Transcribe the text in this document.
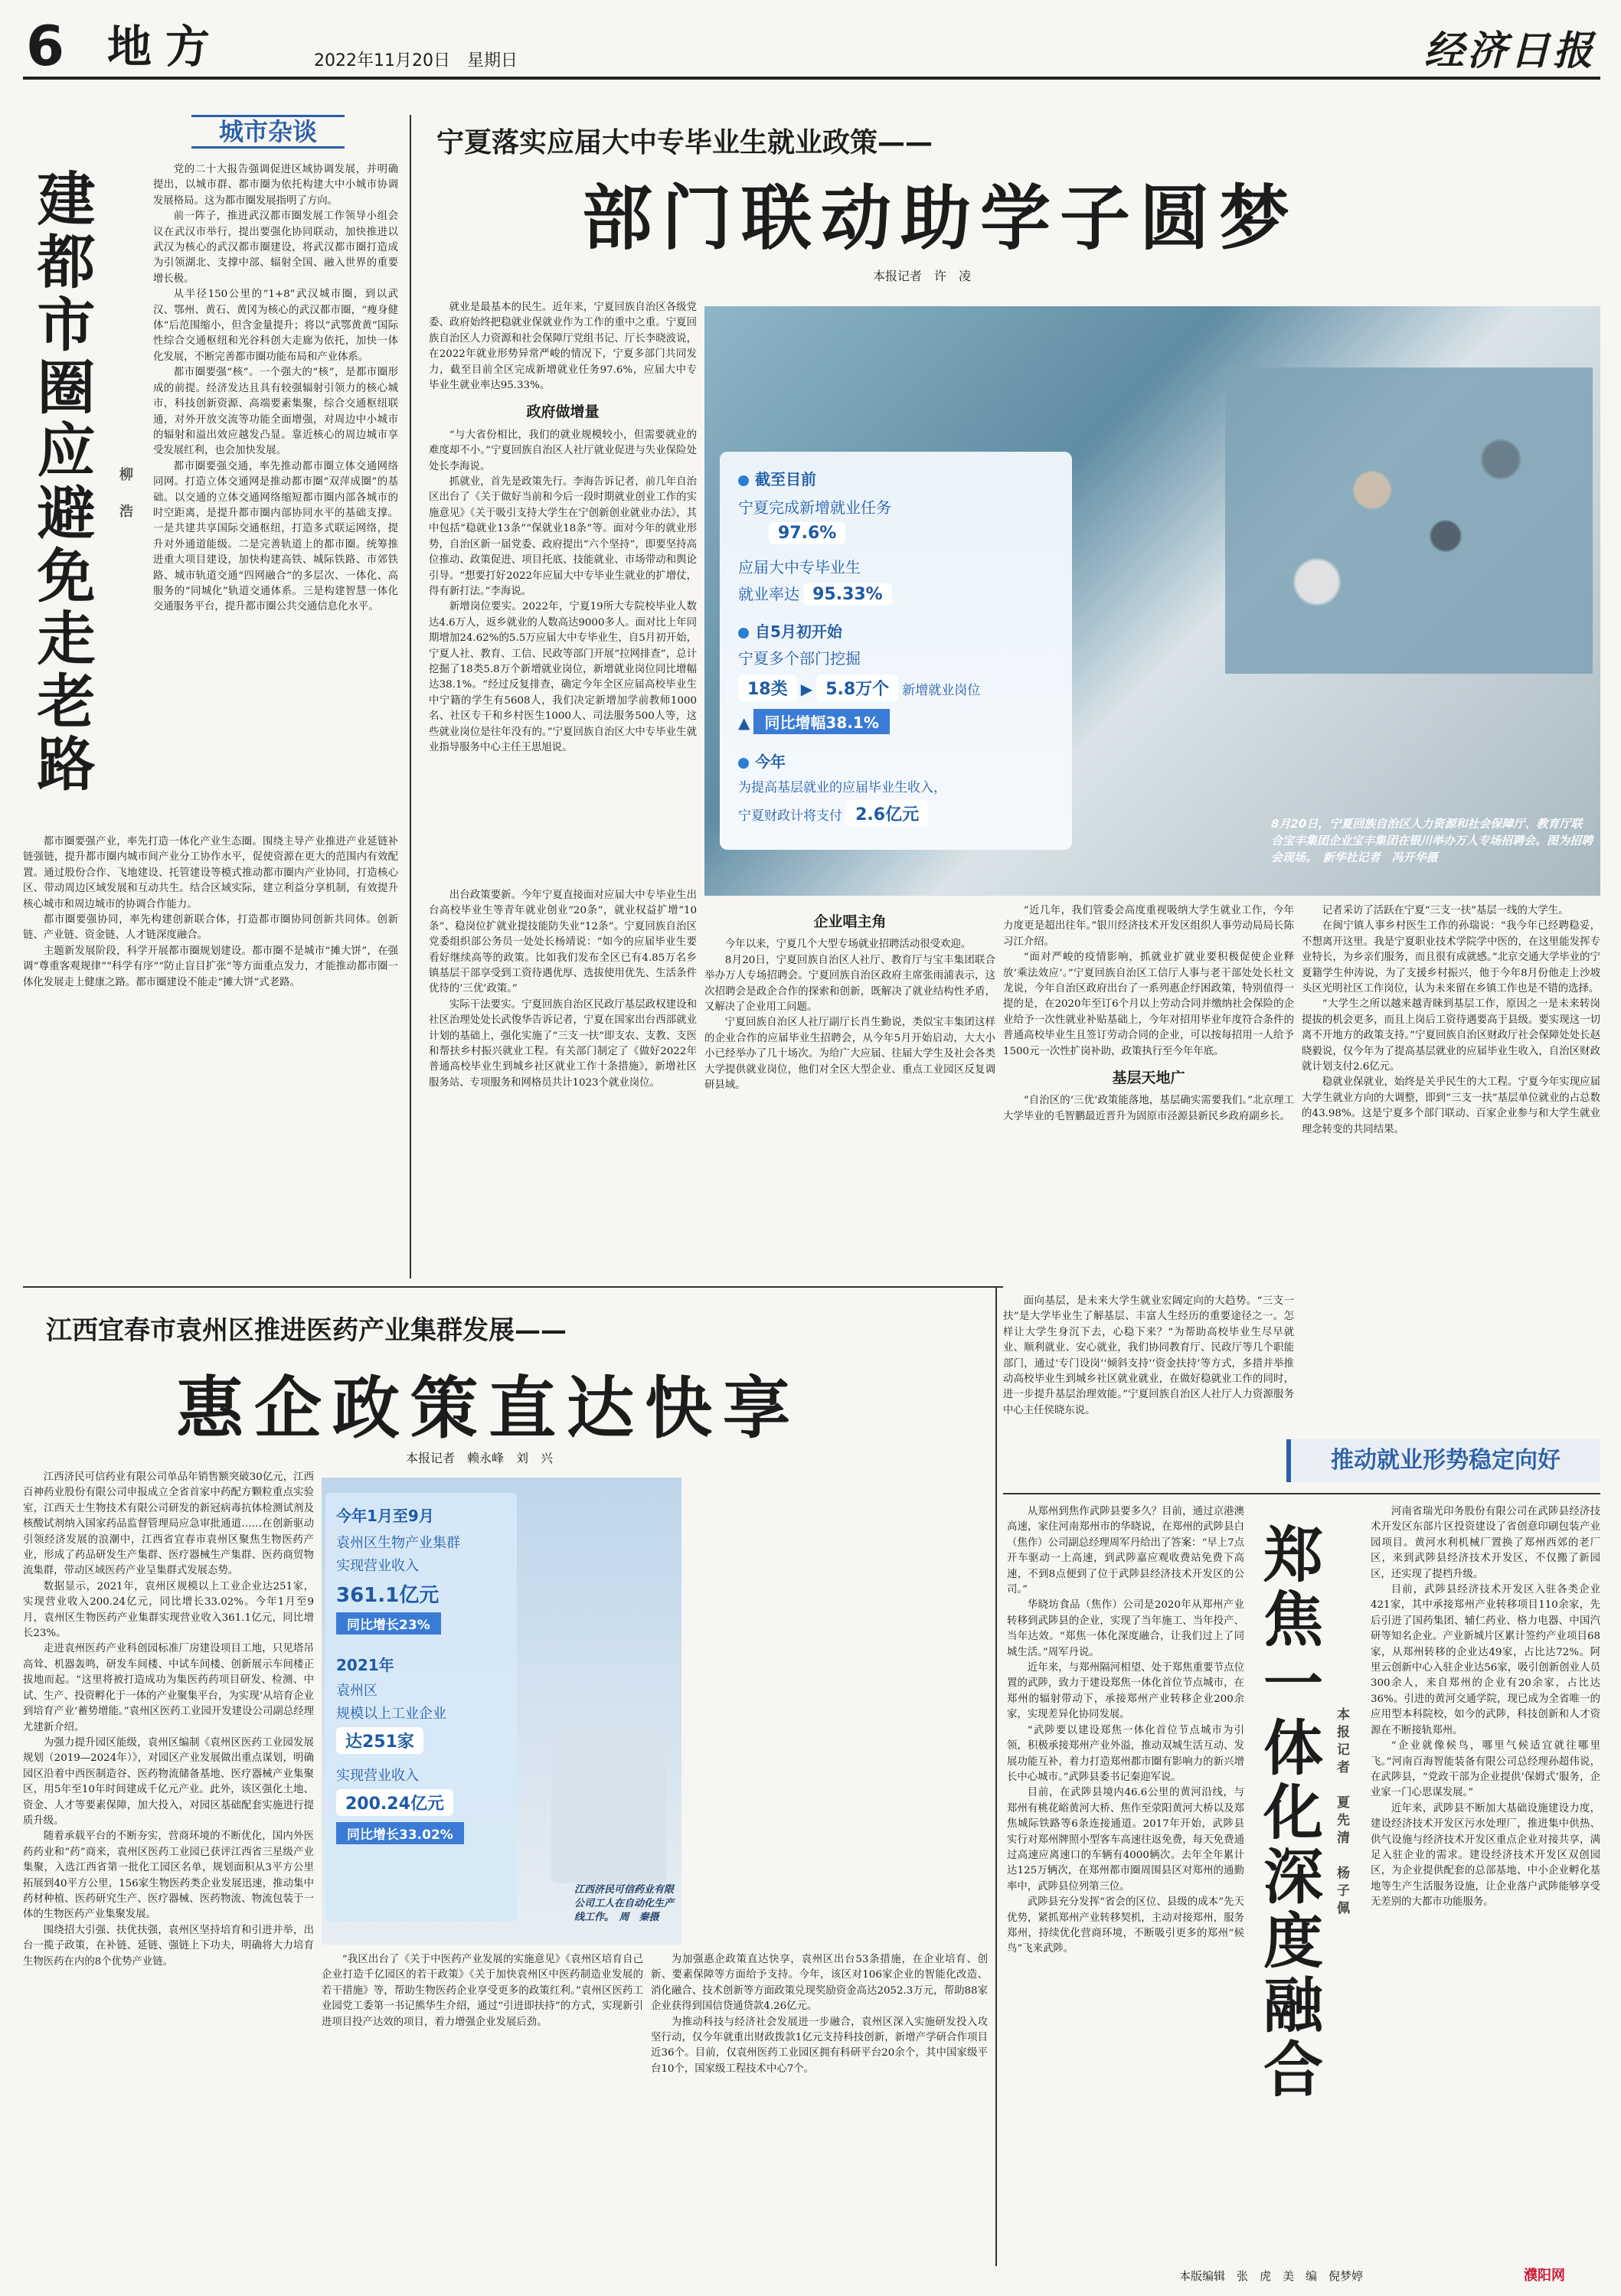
6 地方	2022年11月20日　星期日	经济日报
城市杂谈
建都市圈应避免走老路 柳　浩

党的二十大报告强调促进区域协调发展，并明确提出，以城市群、都市圈为依托构建大中小城市协调发展格局。这为都市圈发展指明了方向。

前一阵子，推进武汉都市圈发展工作领导小组会议在武汉市举行，提出要强化协同联动，加快推进以武汉为核心的武汉都市圈建设，将武汉都市圈打造成为引领湖北、支撑中部、辐射全国、融入世界的重要增长极。

从半径150公里的“1+8”武汉城市圈，到以武汉、鄂州、黄石、黄冈为核心的武汉都市圈，“瘦身健体”后范围缩小，但含金量提升；将以“武鄂黄黄”国际性综合交通枢纽和光谷科创大走廊为依托，加快一体化发展，不断完善都市圈功能布局和产业体系。

都市圈要强“核”。一个强大的“核”，是都市圈形成的前提。经济发达且具有较强辐射引领力的核心城市，科技创新资源、高端要素集聚，综合交通枢纽联通，对外开放交流等功能全面增强，对周边中小城市的辐射和溢出效应越发凸显。靠近核心的周边城市享受发展红利，也会加快发展。

都市圈要强交通，率先推动都市圈立体交通网络同网。打造立体交通网是推动都市圈“双萍成圈”的基础。以交通的立体交通网络缩短都市圈内部各城市的时空距离，是提升都市圈内部协同水平的基础支撑。一是共建共享国际交通枢纽，打造多式联运网络，提升对外通道能级。二是完善轨道上的都市圈。统筹推进重大项目建设，加快构建高铁、城际铁路、市郊铁路、城市轨道交通“四网融合”的多层次、一体化、高服务的“同城化”轨道交通体系。三是构建智慧一体化交通服务平台，提升都市圈公共交通信息化水平。

都市圈要强产业，率先打造一体化产业生态圈。围绕主导产业推进产业延链补链强链，提升都市圈内城市间产业分工协作水平，促使资源在更大的范围内有效配置。通过股份合作、飞地建设、托管建设等模式推动都市圈内产业协同，打造核心区、带动周边区域发展和互动共生。结合区域实际，建立利益分享机制，有效提升核心城市和周边城市的协调合作能力。

都市圈要强协同，率先构建创新联合体，打造都市圈协同创新共同体。创新链、产业链、资金链、人才链深度融合。

主题新发展阶段，科学开展都市圈规划建设。都市圈不是城市“摊大饼”，在强调“尊重客观规律”“科学有序”“防止盲目扩张”等方面重点发力，才能推动都市圈一体化发展走上健康之路。都市圈建设不能走“摊大饼”式老路。

宁夏落实应届大中专毕业生就业政策——
部门联动助学子圆梦
本报记者　许　凌
8月20日，宁夏回族自治区人力资源和社会保障厅、教育厅联合宝丰集团企业宝丰集团在银川举办万人专场招聘会。图为招聘会现场。　新华社记者　冯开华摄
截至目前
宁夏完成新增就业任务
97.6%
应届大中专毕业生
就业率达 95.33%
自5月初开始
宁夏多个部门挖掘
18类 ▶ 5.8万个 新增就业岗位
▲ 同比增幅38.1%
今年
为提高基层就业的应届毕业生收入，
宁夏财政计将支付 2.6亿元

就业是最基本的民生。近年来，宁夏回族自治区各级党委、政府始终把稳就业保就业作为工作的重中之重。宁夏回族自治区人力资源和社会保障厅党组书记、厅长李晓波说，在2022年就业形势异常严峻的情况下，宁夏多部门共同发力，截至目前全区完成新增就业任务97.6%，应届大中专毕业生就业率达95.33%。

政府做增量

“与大省份相比，我们的就业规模较小，但需要就业的难度却不小。”宁夏回族自治区人社厅就业促进与失业保险处处长李海说。

抓就业，首先是政策先行。李海告诉记者，前几年自治区出台了《关于做好当前和今后一段时期就业创业工作的实施意见》《关于吸引支持大学生在宁创新创业就业办法》，其中包括“稳就业13条”“保就业18条”等。面对今年的就业形势，自治区新一届党委、政府提出“六个坚持”，即要坚持高位推动、政策促进、项目托底、技能就业、市场带动和舆论引导。“想要打好2022年应届大中专毕业生就业的扩增仗，得有新打法。”李海说。

新增岗位要实。2022年，宁夏19所大专院校毕业人数达4.6万人，返乡就业的人数高达9000多人。面对比上年同期增加24.62%的5.5万应届大中专毕业生，自5月初开始，宁夏人社、教育、工信、民政等部门开展“拉网排查”，总计挖掘了18类5.8万个新增就业岗位，新增就业岗位同比增幅达38.1%。“经过反复排查，确定今年全区应届高校毕业生中宁籍的学生有5608人，我们决定新增加学前教师1000名、社区专干和乡村医生1000人、司法服务500人等，这些就业岗位是往年没有的。”宁夏回族自治区大中专毕业生就业指导服务中心主任王思旭说。

出台政策要新。今年宁夏直接面对应届大中专毕业生出台高校毕业生等青年就业创业“20条”，就业权益扩增“10条”、稳岗位扩就业提技能防失业“12条”。宁夏回族自治区党委组织部公务员一处处长杨靖说：“如今的应届毕业生要看好继续高等的政策。比如我们发布全区已有4.85万名乡镇基层干部享受到工资待遇优厚、选拔使用优先、生活条件优待的‘三优’政策。”

实际干法要实。宁夏回族自治区民政厅基层政权建设和社区治理处处长武俊华告诉记者，宁夏在国家出台西部就业计划的基础上，强化实施了“三支一扶”即支农、支教、支医和帮扶乡村振兴就业工程。有关部门制定了《做好2022年普通高校毕业生到城乡社区就业工作十条措施》，新增社区服务站、专项服务和网格员共计1023个就业岗位。

企业唱主角

今年以来，宁夏几个大型专场就业招聘活动很受欢迎。

8月20日，宁夏回族自治区人社厅、教育厅与宝丰集团联合举办万人专场招聘会。宁夏回族自治区政府主席张雨浦表示，这次招聘会是政企合作的探索和创新，既解决了就业结构性矛盾，又解决了企业用工问题。

宁夏回族自治区人社厅副厅长肖生勤说，类似宝丰集团这样的企业合作的应届毕业生招聘会，从今年5月开始启动，大大小小已经举办了几十场次。为给广大应届、往届大学生及社会各类大学提供就业岗位，他们对全区大型企业、重点工业园区反复调研县域。

“近几年，我们管委会高度重视吸纳大学生就业工作，今年力度更是超出往年。”银川经济技术开发区组织人事劳动局局长陈习江介绍。

“面对严峻的疫情影响，抓就业扩就业要积极促使企业释放‘乘法效应’。”宁夏回族自治区工信厅人事与老干部处处长杜文龙说，今年自治区政府出台了一系列惠企纾困政策，特别值得一提的是，在2020年至订6个月以上劳动合同并缴纳社会保险的企业给予一次性就业补贴基础上，今年对招用毕业年度符合条件的普通高校毕业生且签订劳动合同的企业，可以按每招用一人给予1500元一次性扩岗补助，政策执行至今年年底。

基层天地广

“自治区的‘三优’政策能落地，基层确实需要我们。”北京理工大学毕业的毛智鹏最近晋升为固原市泾源县新民乡政府副乡长。

面向基层，是未来大学生就业宏阔定向的大趋势。“三支一扶”是大学毕业生了解基层、丰富人生经历的重要途径之一。怎样让大学生身沉下去，心稳下来？“为帮助高校毕业生尽早就业、顺利就业、安心就业，我们协同教育厅、民政厅等几个职能部门，通过‘专门设岗’‘倾斜支持’‘资金扶持’等方式，多措并举推动高校毕业生到城乡社区就业就业，在做好稳就业工作的同时，进一步提升基层治理效能。”宁夏回族自治区人社厅人力资源服务中心主任侯晓东说。

记者采访了活跃在宁夏“三支一扶”基层一线的大学生。

在闽宁镇人事乡村医生工作的孙瑞说：“我今年已经聘稳妥，不想离开这里。我是宁夏职业技术学院学中医的，在这里能发挥专业特长，为乡亲们服务，而且很有成就感。”北京交通大学毕业的宁夏籍学生仲涛说，为了支援乡村振兴，他于今年8月份他走上沙坡头区光明社区工作岗位，认为未来留在乡镇工作也是不错的选择。

“大学生之所以越来越青睐到基层工作，原因之一是未来转岗提拔的机会更多，而且上岗后工资待遇要高于县级。要实现这一切离不开地方的政策支持。”宁夏回族自治区财政厅社会保障处处长赵晓毅说，仅今年为了提高基层就业的应届毕业生收入，自治区财政就计划支付2.6亿元。

稳就业保就业，始终是关乎民生的大工程。宁夏今年实现应届大学生就业方向的大调整，即到“三支一扶”基层单位就业的占总数的43.98%。这是宁夏多个部门联动、百家企业参与和大学生就业理念转变的共同结果。

推动就业形势稳定向好
江西宜春市袁州区推进医药产业集群发展——
惠企政策直达快享
本报记者　赖永峰　刘　兴
江西济民可信药业有限公司工人在自动化生产线工作。　周　秦摄
今年1月至9月
袁州区生物产业集群
实现营业收入
361.1亿元
同比增长23%
2021年
袁州区
规模以上工业企业
达251家
实现营业收入
200.24亿元 同比增长33.02%

江西济民可信药业有限公司单品年销售额突破30亿元，江西百神药业股份有限公司申报成立全省首家中药配方颗粒重点实验室，江西天士生物技术有限公司研发的新冠病毒抗体检测试剂及核酸试剂纳入国家药品监督管理局应急审批通道……在创新驱动引领经济发展的浪潮中，江西省宜春市袁州区聚焦生物医药产业，形成了药品研发生产集群、医疗器械生产集群、医药商贸物流集群，带动区域医药产业呈集群式发展态势。

数据显示，2021年，袁州区规模以上工业企业达251家，实现营业收入200.24亿元，同比增长33.02%。今年1月至9月，袁州区生物医药产业集群实现营业收入361.1亿元，同比增长23%。

走进袁州医药产业科创园标准厂房建设项目工地，只见塔吊高耸、机器轰鸣，研发车间楼、中试车间楼、创新展示车间楼正拔地而起。“这里将被打造成功为集医药药项目研发、检测、中试、生产、投资孵化于一体的产业聚集平台，为实现‘从培育企业到培育产业’蓄势增能。”袁州区医药工业园开发建设公司副总经理尤建新介绍。

为强力提升园区能级，袁州区编制《袁州区医药工业园发展规划（2019—2024年）》，对园区产业发展做出重点谋划，明确园区沿着中西医制造谷、医药物流储备基地、医疗器械产业集聚区，用5年至10年时间建成千亿元产业。此外，该区强化土地、资金、人才等要素保障，加大投入，对园区基础配套实施进行提质升级。

随着承载平台的不断夯实，营商环境的不断优化，国内外医药药业和“药”商来，袁州区医药工业园已获评江西省三星级产业集聚，入选江西省第一批化工园区名单，规划面积从3平方公里拓展到40平方公里，156家生物医药类企业发展迅速，推动集中药材种植、医药研究生产、医疗器械、医药物流、物流包装于一体的生物医药产业集聚发展。

围绕招大引强、扶优扶强，袁州区坚持培育和引进并举，出台一揽子政策，在补链、延链、强链上下功夫，明确将大力培育生物医药在内的8个优势产业链。	“我区出台了《关于中医药产业发展的实施意见》《袁州区培育自己企业打造千亿园区的若干政策》《关于加快袁州区中医药制造业发展的若干措施》等，帮助生物医药企业享受更多的政策红利。”袁州区医药工业园党工委第一书记熊华生介绍，通过“引进即扶持”的方式，实现新引进项目投产达效的项目，着力增强企业发展后劲。

为加强惠企政策直达快享，袁州区出台53条措施，在企业培育、创新、要素保障等方面给予支持。今年，该区对106家企业的智能化改造、消化融合、技术创新等方面政策兑现奖励资金高达2052.3万元，帮助88家企业获得到国信贷通贷款4.26亿元。

为推动科技与经济社会发展进一步融合，袁州区深入实施研发投入攻坚行动，仅今年就重出财政拨款1亿元支持科技创新，新增产学研合作项目近36个。目前，仅袁州医药工业园区拥有科研平台20余个，其中国家级平台10个，国家级工程技术中心7个。	郑焦一体化深度融合 本报记者　夏先清　杨子佩

从郑州到焦作武陟县要多久？目前，通过京港澳高速，家住河南郑州市的华晓说，在郑州的武陟县白（焦作）公司副总经理周军丹给出了答案：“早上7点开车驱动一上高速，到武陟嘉应观收费站免费下高速，不到8点便到了位于武陟县经济技术开发区的公司。”

华晓坊食品（焦作）公司是2020年从郑州产业转移到武陟县的企业，实现了当年施工、当年投产、当年达效。“郑焦一体化深度融合，让我们过上了同城生活。”周军丹说。

近年来，与郑州隔河相望、处于郑焦重要节点位置的武陟，致力于建设郑焦一体化首位节点城市，在郑州的辐射带动下，承接郑州产业转移企业200余家，实现差异化协同发展。

“武陟要以建设郑焦一体化首位节点城市为引领，积极承接郑州产业外溢，推动双城生活互动、发展功能互补，着力打造郑州都市圈有影响力的新兴增长中心城市。”武陟县委书记秦迎军说。

目前，在武陟县境内46.6公里的黄河沿线，与郑州有桃花峪黄河大桥、焦作至荥阳黄河大桥以及郑焦城际铁路等6条连接通道。2017年开始，武陟县实行对郑州牌照小型客车高速往返免费，每天免费通过高速应离速口的车辆有4000辆次。去年全年累计达125万辆次，在郑州都市圈周围县区对郑州的通勤率中，武陟县位列第三位。

武陟县充分发挥“省会的区位、县级的成本”先天优势，紧抓郑州产业转移契机，主动对接郑州，服务郑州，持续优化营商环境，不断吸引更多的郑州“候鸟”飞来武陟。

河南省瑞光印务股份有限公司在武陟县经济技术开发区东部片区投资建设了省创意印刷包装产业园项目。黄河水利机械厂置换了郑州西郊的老厂区，来到武陟县经济技术开发区，不仅搬了新园区，还实现了提档升级。

目前，武陟县经济技术开发区入驻各类企业421家，其中承接郑州产业转移项目110余家，先后引进了国药集团、辅仁药业、格力电器、中国汽研等知名企业。产业新城片区累计签约产业项目68家，从郑州转移的企业达49家，占比达72%。阿里云创新中心入驻企业达56家，吸引创新创业人员300余人，来自郑州的企业有20余家，占比达36%。引进的黄河交通学院，现已成为全省唯一的应用型本科院校，如今的武陟，科技创新和人才资源在不断接轨郑州。

“企业就像候鸟，哪里气候适宜就往哪里飞。”河南百海智能装备有限公司总经理孙超伟说，在武陟县，“党政干部为企业提供‘保姆式’服务，企业家一门心思谋发展。”

近年来，武陟县不断加大基础设施建设力度，建设经济技术开发区污水处理厂，推进集中供热、供气设施与经济技术开发区重点企业对接共享，满足入驻企业的需求。建设经济技术开发区双创园区，为企业提供配套的总部基地、中小企业孵化基地等生产生活服务设施，让企业落户武陟能够享受无差别的大都市功能服务。

本版编辑　张　虎　美　编　倪梦婷	濮阳网
